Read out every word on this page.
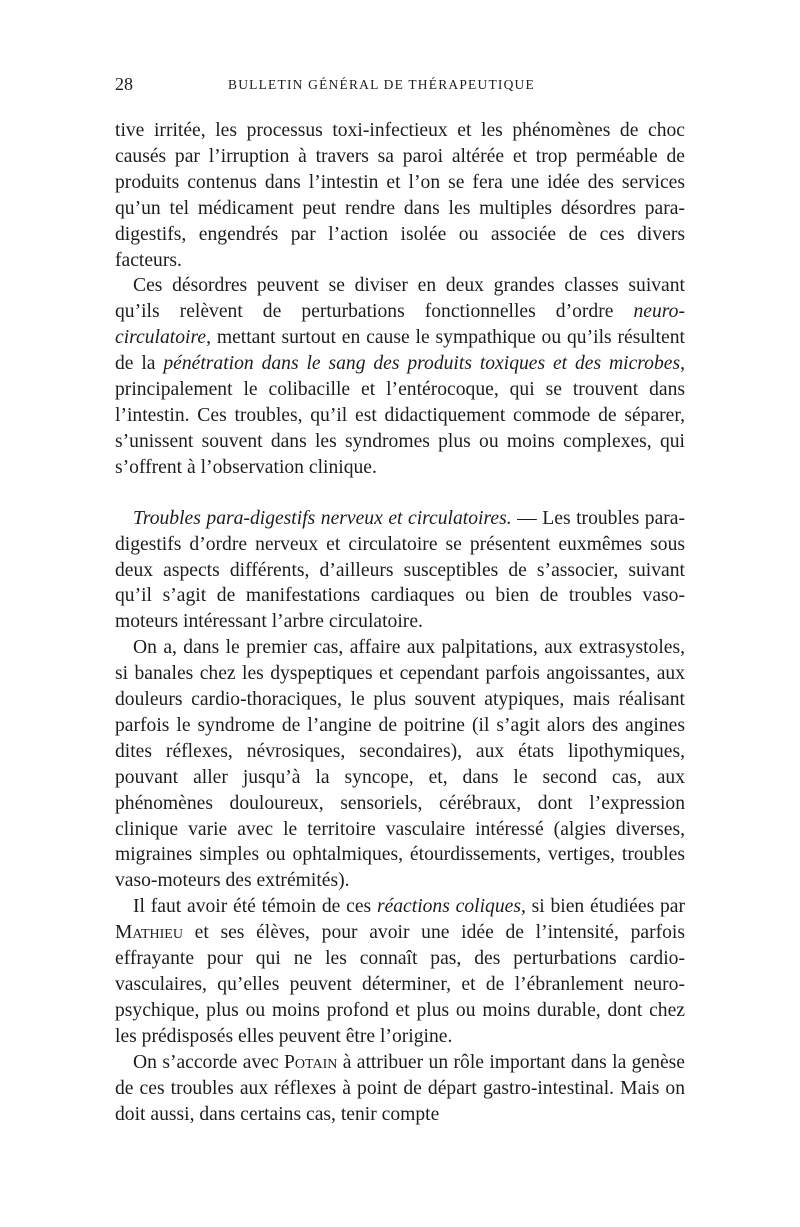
28	BULLETIN GÉNÉRAL DE THÉRAPEUTIQUE

tive irritée, les processus toxi-infectieux et les phénomènes de choc causés par l’irruption à travers sa paroi altérée et trop perméable de produits contenus dans l’intestin et l’on se fera une idée des services qu’un tel médicament peut rendre dans les multiples désordres para-digestifs, engendrés par l’action isolée ou associée de ces divers facteurs.

Ces désordres peuvent se diviser en deux grandes classes suivant qu’ils relèvent de perturbations fonctionnelles d’ordre neuro-circulatoire, mettant surtout en cause le sympathique ou qu’ils résultent de la pénétration dans le sang des produits toxiques et des microbes, principalement le colibacille et l’entérocoque, qui se trouvent dans l’intestin. Ces troubles, qu’il est didactiquement commode de séparer, s’unissent souvent dans les syndromes plus ou moins complexes, qui s’offrent à l’observation clinique.

Troubles para-digestifs nerveux et circulatoires. — Les troubles para-digestifs d’ordre nerveux et circulatoire se présentent euxmêmes sous deux aspects différents, d’ailleurs susceptibles de s’associer, suivant qu’il s’agit de manifestations cardiaques ou bien de troubles vaso-moteurs intéressant l’arbre circulatoire.

On a, dans le premier cas, affaire aux palpitations, aux extrasystoles, si banales chez les dyspeptiques et cependant parfois angoissantes, aux douleurs cardio-thoraciques, le plus souvent atypiques, mais réalisant parfois le syndrome de l’angine de poitrine (il s’agit alors des angines dites réflexes, névrosiques, secondaires), aux états lipothymiques, pouvant aller jusqu’à la syncope, et, dans le second cas, aux phénomènes douloureux, sensoriels, cérébraux, dont l’expression clinique varie avec le territoire vasculaire intéressé (algies diverses, migraines simples ou ophtalmiques, étourdissements, vertiges, troubles vaso-moteurs des extrémités).

Il faut avoir été témoin de ces réactions coliques, si bien étudiées par Mathieu et ses élèves, pour avoir une idée de l’intensité, parfois effrayante pour qui ne les connaît pas, des perturbations cardio-vasculaires, qu’elles peuvent déterminer, et de l’ébranlement neuro-psychique, plus ou moins profond et plus ou moins durable, dont chez les prédisposés elles peuvent être l’origine.

On s’accorde avec Potain à attribuer un rôle important dans la genèse de ces troubles aux réflexes à point de départ gastro-intestinal. Mais on doit aussi, dans certains cas, tenir compte
